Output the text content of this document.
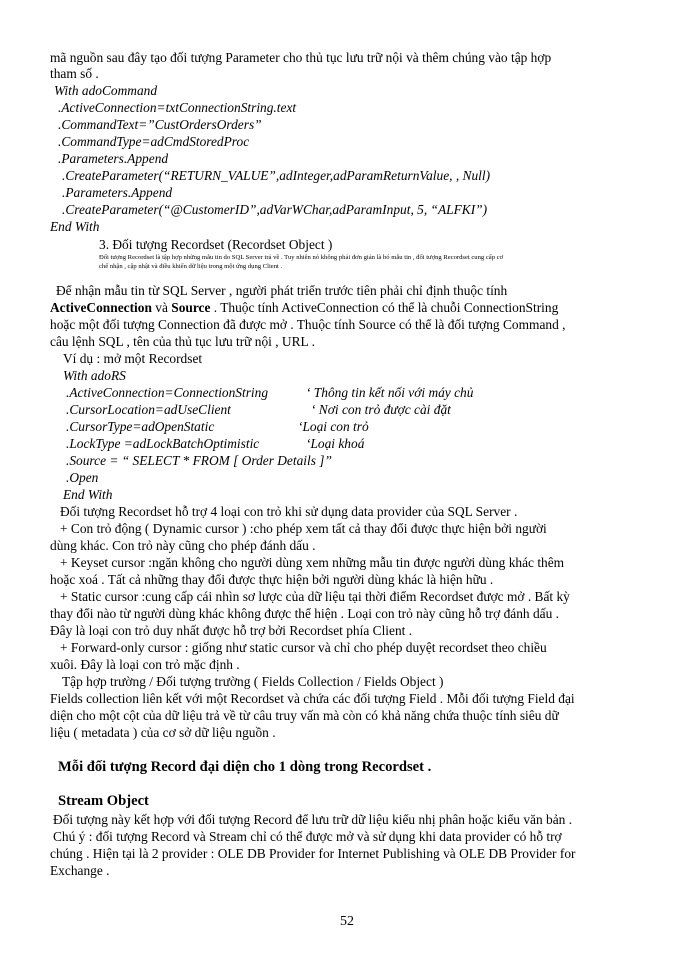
mã nguồn sau đây tạo đối tượng Parameter cho thủ tục lưu trữ nội và thêm chúng vào tập hợp
tham số .
With adoCommand
.ActiveConnection=txtConnectionString.text
.CommandText=”CustOrdersOrders”
.CommandType=adCmdStoredProc
.Parameters.Append
.CreateParameter(“RETURN_VALUE”,adInteger,adParamReturnValue, , Null)
.Parameters.Append
.CreateParameter(“@CustomerID”,adVarWChar,adParamInput, 5, “ALFKI”)
End With
3. Đối tượng Recordset (Recordset Object )
Đối tượng Recordset là tập hợp những mẫu tin do SQL Server trả về . Tuy nhiên nó không phải đơn giản là bó mẫu tin , đối tượng Recordset cung cấp cơ
chế nhận , cập nhật và điều khiển dữ liệu trong một ứng dụng Client .
Để nhận mẫu tin từ SQL Server , người phát triển trước tiên phải chỉ định thuộc tính
ActiveConnection và Source . Thuộc tính ActiveConnection có thể là chuỗi ConnectionString
hoặc một đối tượng Connection đã được mở . Thuộc tính Source có thể là đối tượng Command ,
câu lệnh SQL , tên của thủ tục lưu trữ nội , URL .
Ví dụ : mở một Recordset
With adoRS
.ActiveConnection=ConnectionString	‘ Thông tin kết nối với máy chủ
.CursorLocation=adUseClient	‘ Nơi con trỏ được cài đặt
.CursorType=adOpenStatic	‘Loại con trỏ
.LockType =adLockBatchOptimistic	‘Loại khoá
.Source = “ SELECT * FROM [ Order Details ]”
.Open
End With
Đối tượng Recordset hỗ trợ 4 loại con trỏ khi sử dụng data provider của SQL Server .
+ Con trỏ động ( Dynamic cursor ) :cho phép xem tất cả thay đổi được thực hiện bởi người
dùng khác. Con trỏ này cũng cho phép đánh dấu .
+ Keyset cursor :ngăn không cho người dùng xem những mẫu tin được người dùng khác thêm
hoặc xoá . Tất cả những thay đổi được thực hiện bởi người dùng khác là hiện hữu .
+ Static cursor :cung cấp cái nhìn sơ lược của dữ liệu tại thời điểm Recordset được mở . Bất kỳ
thay đổi nào từ người dùng khác không được thể hiện . Loại con trỏ này cũng hỗ trợ đánh dấu .
Đây là loại con trỏ duy nhất được hỗ trợ bởi Recordset phía Client .
+ Forward-only cursor : giống như static cursor và chỉ cho phép duyệt recordset theo chiều
xuôi. Đây là loại con trỏ mặc định .
Tập hợp trường / Đối tượng trường ( Fields Collection / Fields Object )
Fields collection liên kết với một Recordset và chứa các đối tượng Field . Mỗi đối tượng Field đại
diện cho một cột của dữ liệu trả về từ câu truy vấn mà còn có khả năng chứa thuộc tính siêu dữ
liệu ( metadata ) của cơ sở dữ liệu nguồn .
Mỗi đối tượng Record đại diện cho 1 dòng trong Recordset .
Stream Object
Đối tượng này kết hợp với đối tượng Record để lưu trữ dữ liệu kiểu nhị phân hoặc kiểu văn bản .
Chú ý : đối tượng Record và Stream chỉ có thể được mở và sử dụng khi data provider có hỗ trợ
chúng . Hiện tại là 2 provider : OLE DB Provider for Internet Publishing và OLE DB Provider for
Exchange .
52
